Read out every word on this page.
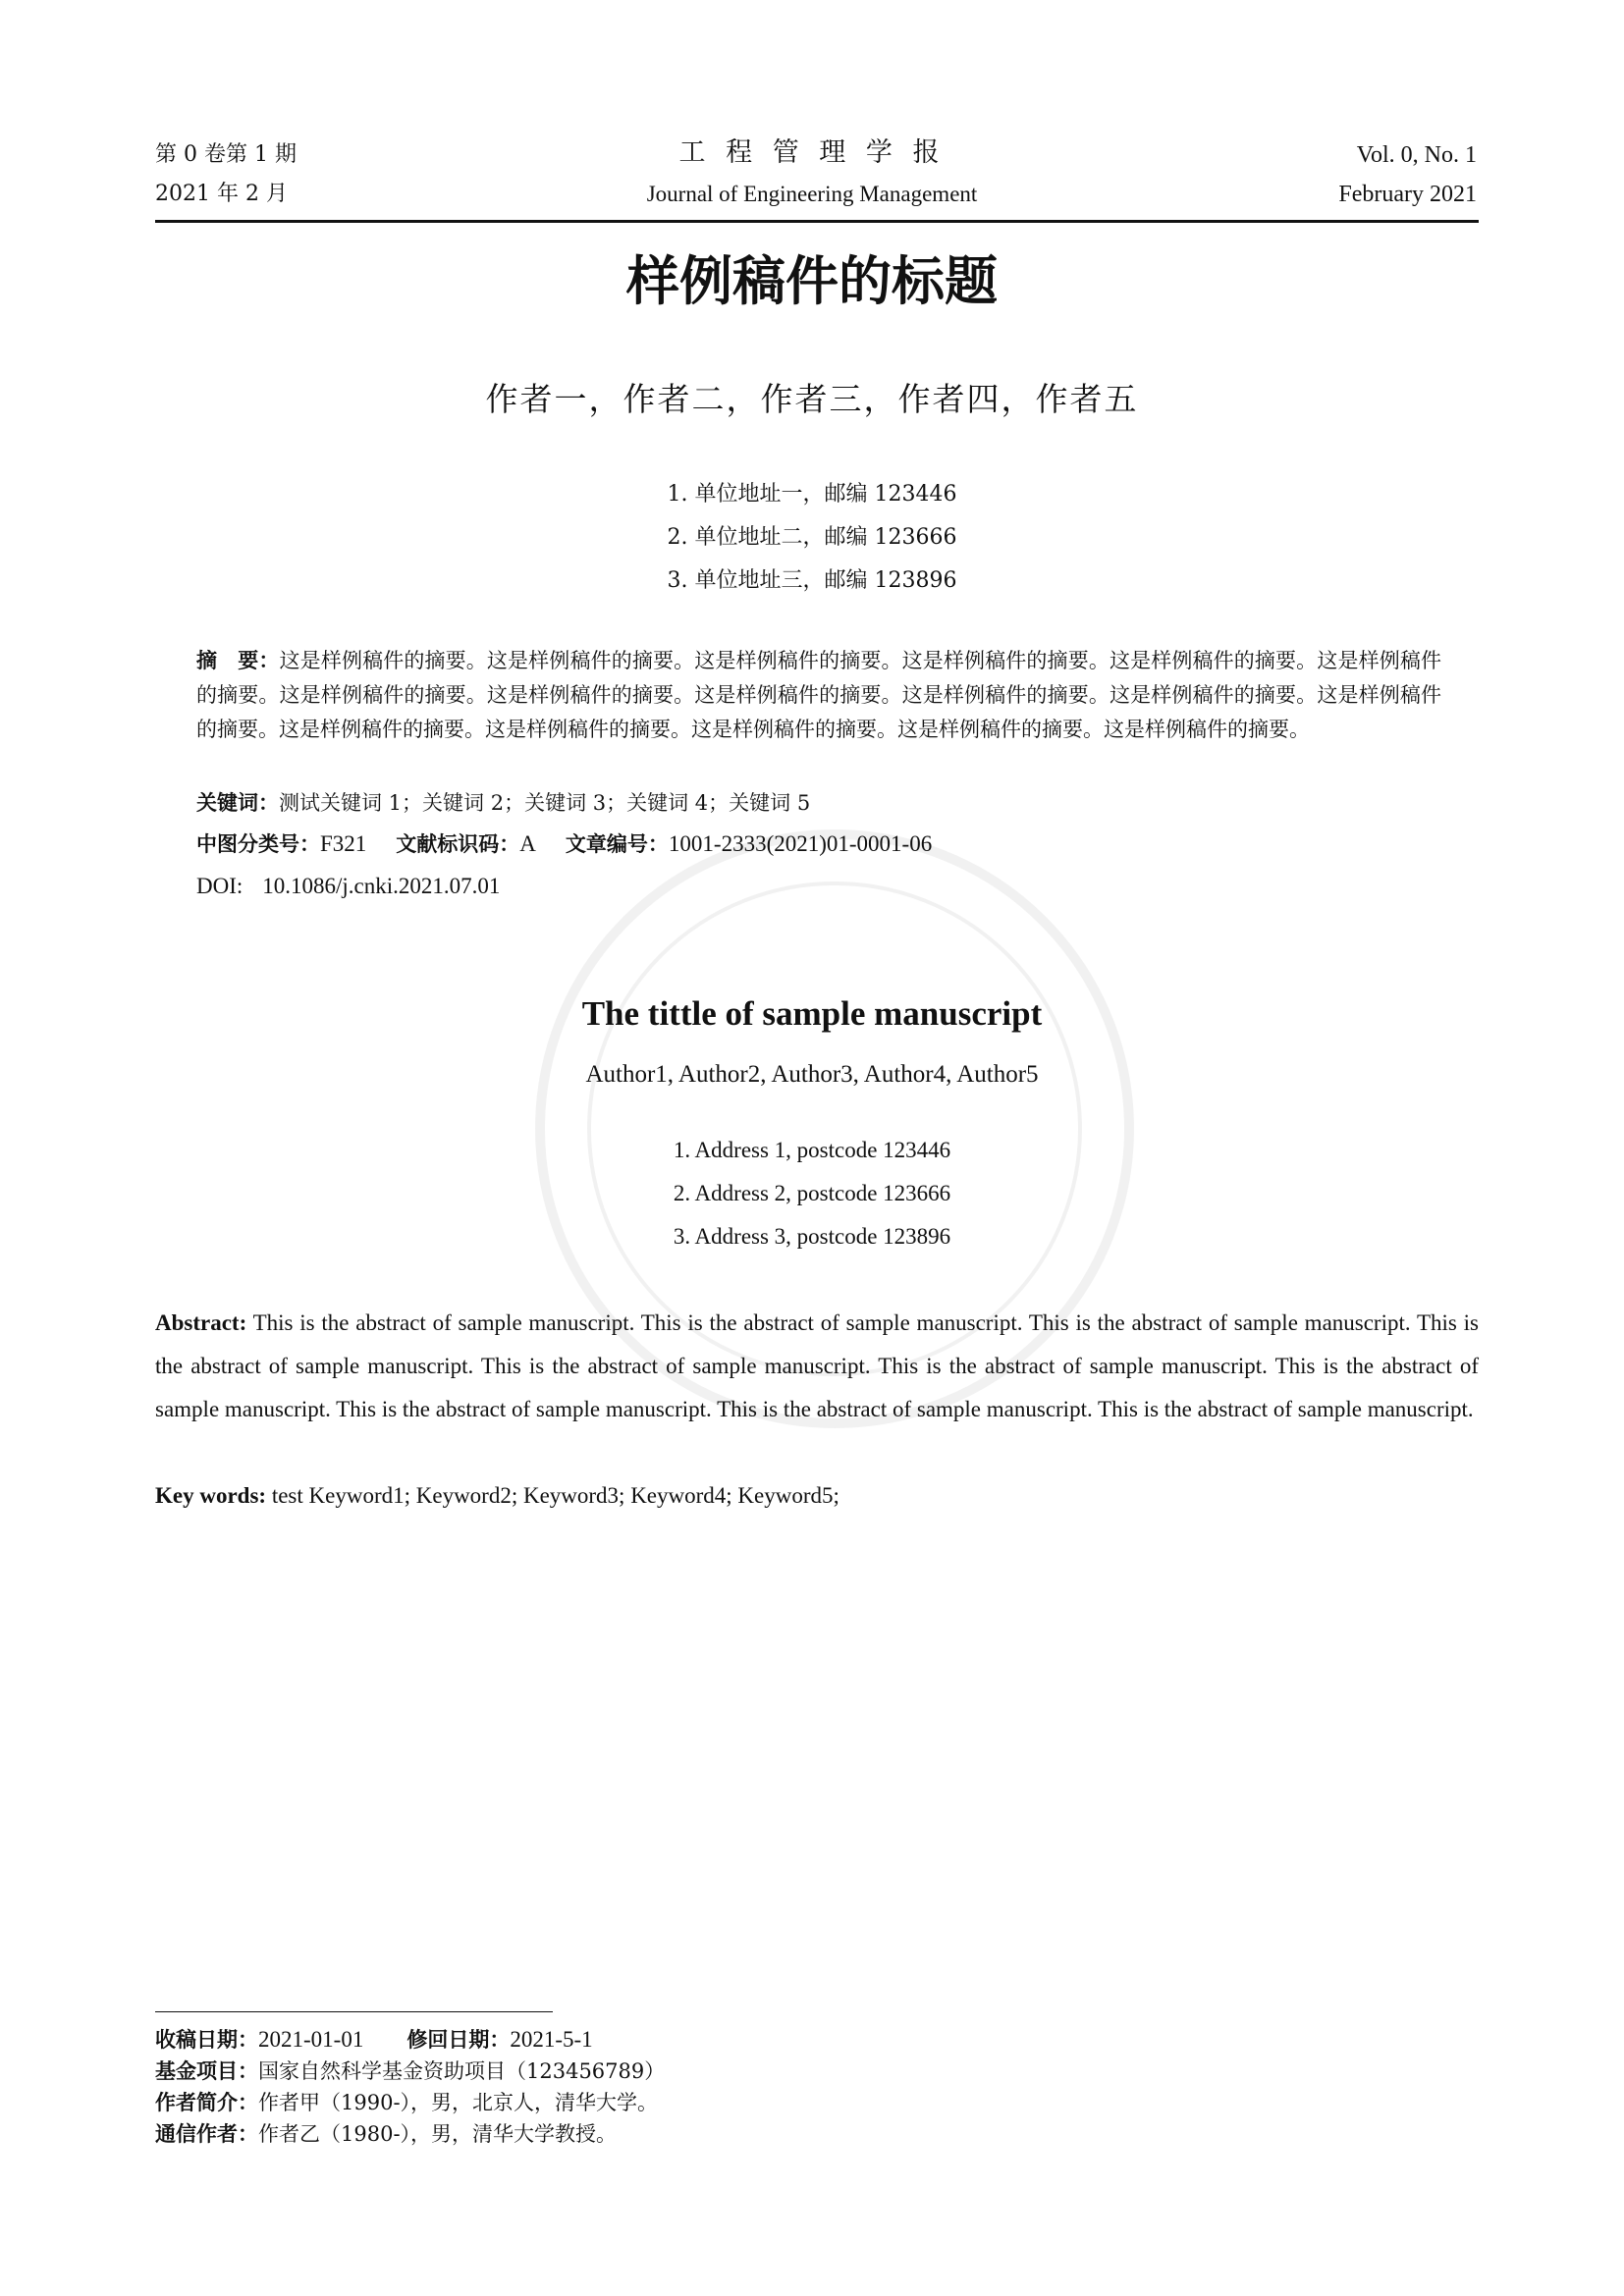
第 0 卷第 1 期
2021 年 2 月
工 程 管 理 学 报
Journal of Engineering Management
Vol. 0, No. 1
February 2021
样例稿件的标题
作者一，作者二，作者三，作者四，作者五
1. 单位地址一，邮编 123446
2. 单位地址二，邮编 123666
3. 单位地址三，邮编 123896
摘　要：这是样例稿件的摘要。这是样例稿件的摘要。这是样例稿件的摘要。这是样例稿件的摘要。这是样例稿件的摘要。这是样例稿件的摘要。这是样例稿件的摘要。这是样例稿件的摘要。这是样例稿件的摘要。这是样例稿件的摘要。这是样例稿件的摘要。这是样例稿件的摘要。这是样例稿件的摘要。这是样例稿件的摘要。这是样例稿件的摘要。这是样例稿件的摘要。这是样例稿件的摘要。
关键词：测试关键词 1；关键词 2；关键词 3；关键词 4；关键词 5
中图分类号：F321 文献标识码：A 文章编号：1001-2333(2021)01-0001-06
DOI: 10.1086/j.cnki.2021.07.01
The tittle of sample manuscript
Author1, Author2, Author3, Author4, Author5
1. Address 1, postcode 123446
2. Address 2, postcode 123666
3. Address 3, postcode 123896
Abstract: This is the abstract of sample manuscript. This is the abstract of sample manuscript. This is the abstract of sample manuscript. This is the abstract of sample manuscript. This is the abstract of sample manuscript. This is the abstract of sample manuscript. This is the abstract of sample manuscript. This is the abstract of sample manuscript. This is the abstract of sample manuscript. This is the abstract of sample manuscript.
Key words: test Keyword1; Keyword2; Keyword3; Keyword4; Keyword5;
收稿日期：2021-01-01 修回日期：2021-5-1
基金项目：国家自然科学基金资助项目（123456789）
作者简介：作者甲（1990-），男，北京人，清华大学。
通信作者：作者乙（1980-），男，清华大学教授。
